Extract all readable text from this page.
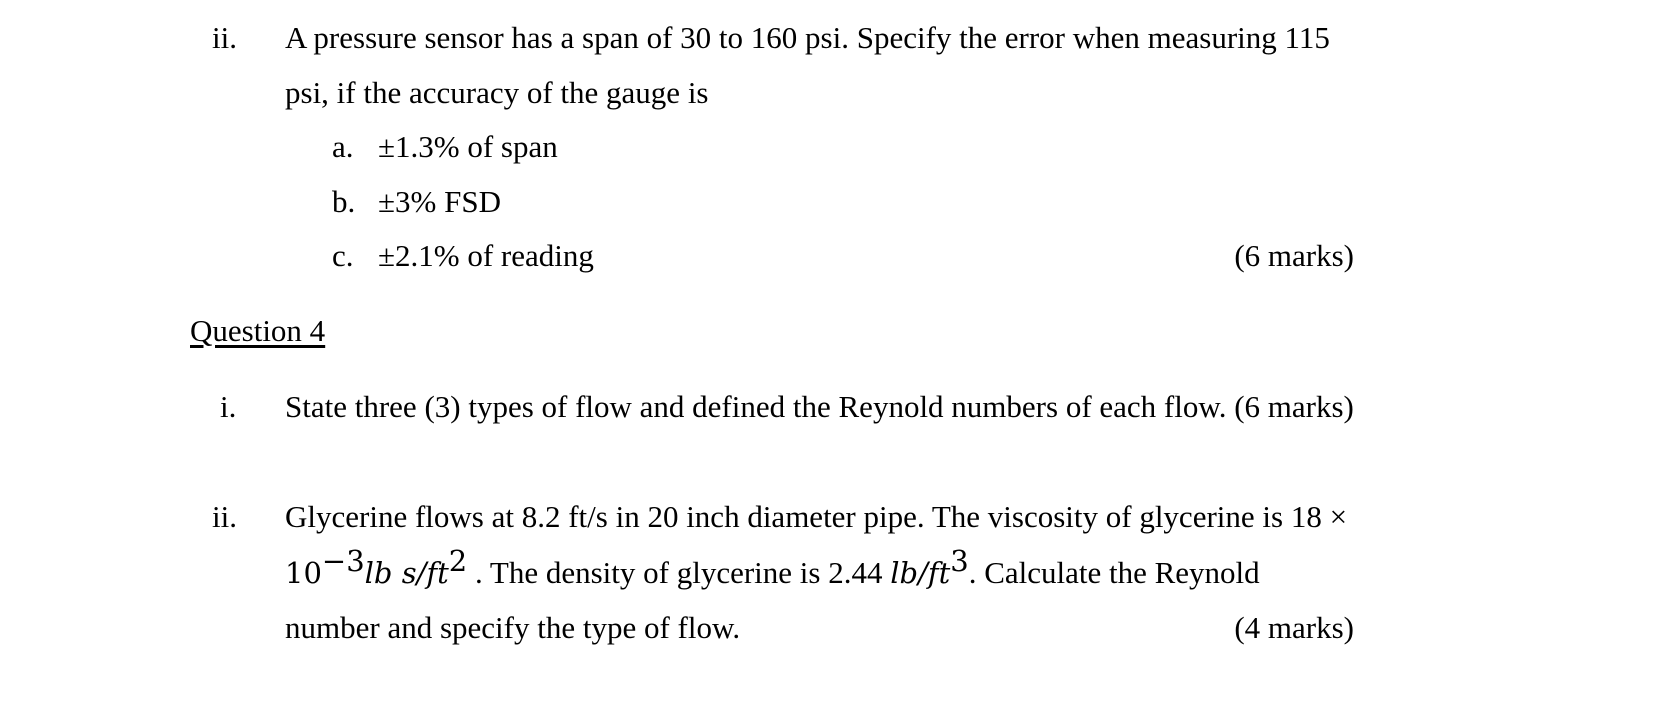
ii. A pressure sensor has a span of 30 to 160 psi. Specify the error when measuring 115
psi, if the accuracy of the gauge is
a. ±1.3% of span
b. ±3% FSD
c. ±2.1% of reading	(6 marks)
Question 4
i. State three (3) types of flow and defined the Reynold numbers of each flow. (6 marks)
ii. Glycerine flows at 8.2 ft/s in 20 inch diameter pipe. The viscosity of glycerine is 18 ×
$10^{-3}lb$ $s/ft^2$ . The density of glycerine is 2.44 $lb/ft^3$. Calculate the Reynold
number and specify the type of flow.	(4 marks)
